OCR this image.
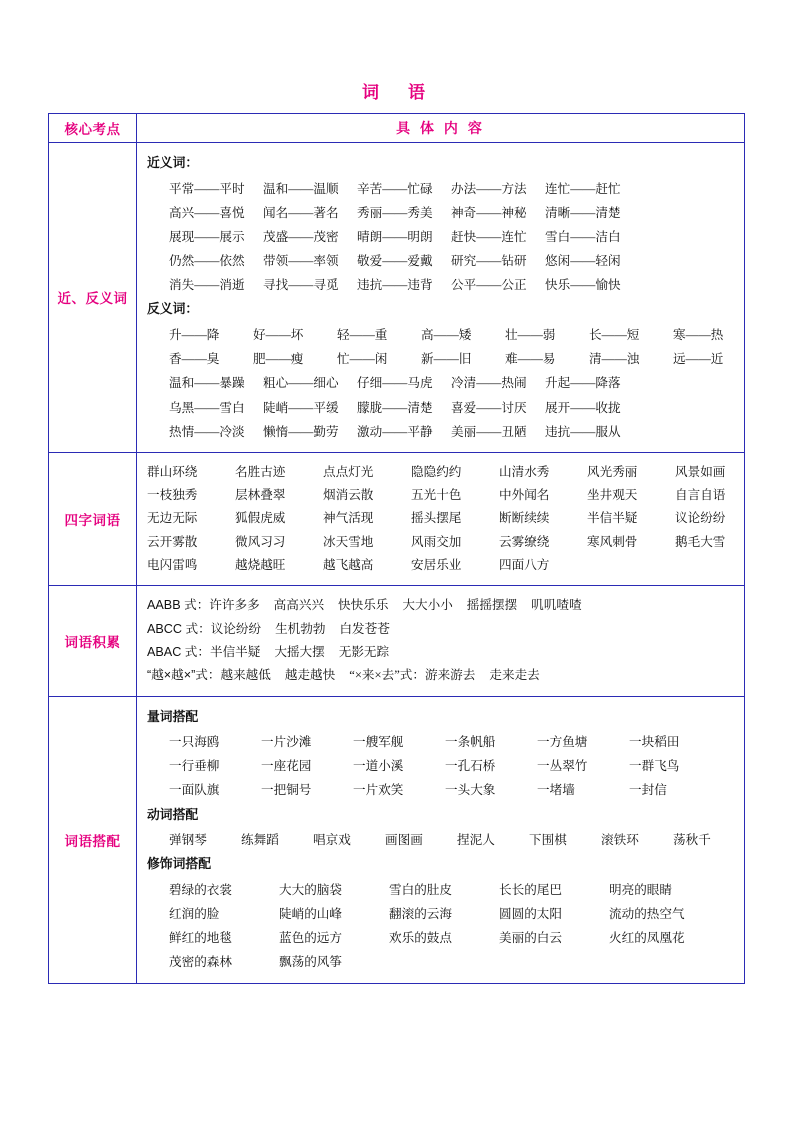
词　语
核心考点	具 体 内 容
近、反义词	
近义词：
平常——平时 温和——温顺 辛苦——忙碌 办法——方法 连忙——赶忙
高兴——喜悦 闻名——著名 秀丽——秀美 神奇——神秘 清晰——清楚
展现——展示 茂盛——茂密 晴朗——明朗 赶快——连忙 雪白——洁白
仍然——依然 带领——率领 敬爱——爱戴 研究——钻研 悠闲——轻闲
消失——消逝 寻找——寻觅 违抗——违背 公平——公正 快乐——愉快
反义词：
升——降	好——坏	轻——重	高——矮	壮——弱	长——短	寒——热
香——臭	肥——瘦	忙——闲	新——旧	难——易	清——浊	远——近
温和——暴躁 粗心——细心 仔细——马虎 冷清——热闹 升起——降落
乌黑——雪白 陡峭——平缓 朦胧——清楚 喜爱——讨厌 展开——收拢
热情——冷淡 懒惰——勤劳 激动——平静 美丽——丑陋 违抗——服从

四字词语	群山环绕 名胜古迹 点点灯光 隐隐约约 山清水秀 风光秀丽 风景如画
一枝独秀 层林叠翠 烟消云散 五光十色 中外闻名 坐井观天 自言自语
无边无际 狐假虎威 神气活现 摇头摆尾 断断续续 半信半疑 议论纷纷
云开雾散 微风习习 冰天雪地 风雨交加 云雾缭绕 寒风刺骨 鹅毛大雪
电闪雷鸣 越烧越旺 越飞越高 安居乐业 四面八方

词语积累	AABB 式：许许多多 高高兴兴 快快乐乐 大大小小 摇摇摆摆 叽叽喳喳
ABCC 式：议论纷纷 生机勃勃 白发苍苍
ABAC 式：半信半疑 大摇大摆 无影无踪
“越×越×”式：越来越低 越走越快 “×来×去”式：游来游去 走来走去

词语搭配	
量词搭配
一只海鸥	一片沙滩	一艘军舰	一条帆船	一方鱼塘	一块稻田
一行垂柳	一座花园	一道小溪	一孔石桥	一丛翠竹	一群飞鸟
一面队旗	一把铜号	一片欢笑	一头大象	一堵墙	一封信
动词搭配
弹钢琴	练舞蹈	唱京戏	画图画	捏泥人	下围棋	滚铁环	荡秋千
修饰词搭配
碧绿的衣裳	大大的脑袋	雪白的肚皮	长长的尾巴	明亮的眼睛
红润的脸	陡峭的山峰	翻滚的云海	圆圆的太阳	流动的热空气
鲜红的地毯	蓝色的远方	欢乐的鼓点	美丽的白云	火红的凤凰花
茂密的森林	飘荡的风筝
